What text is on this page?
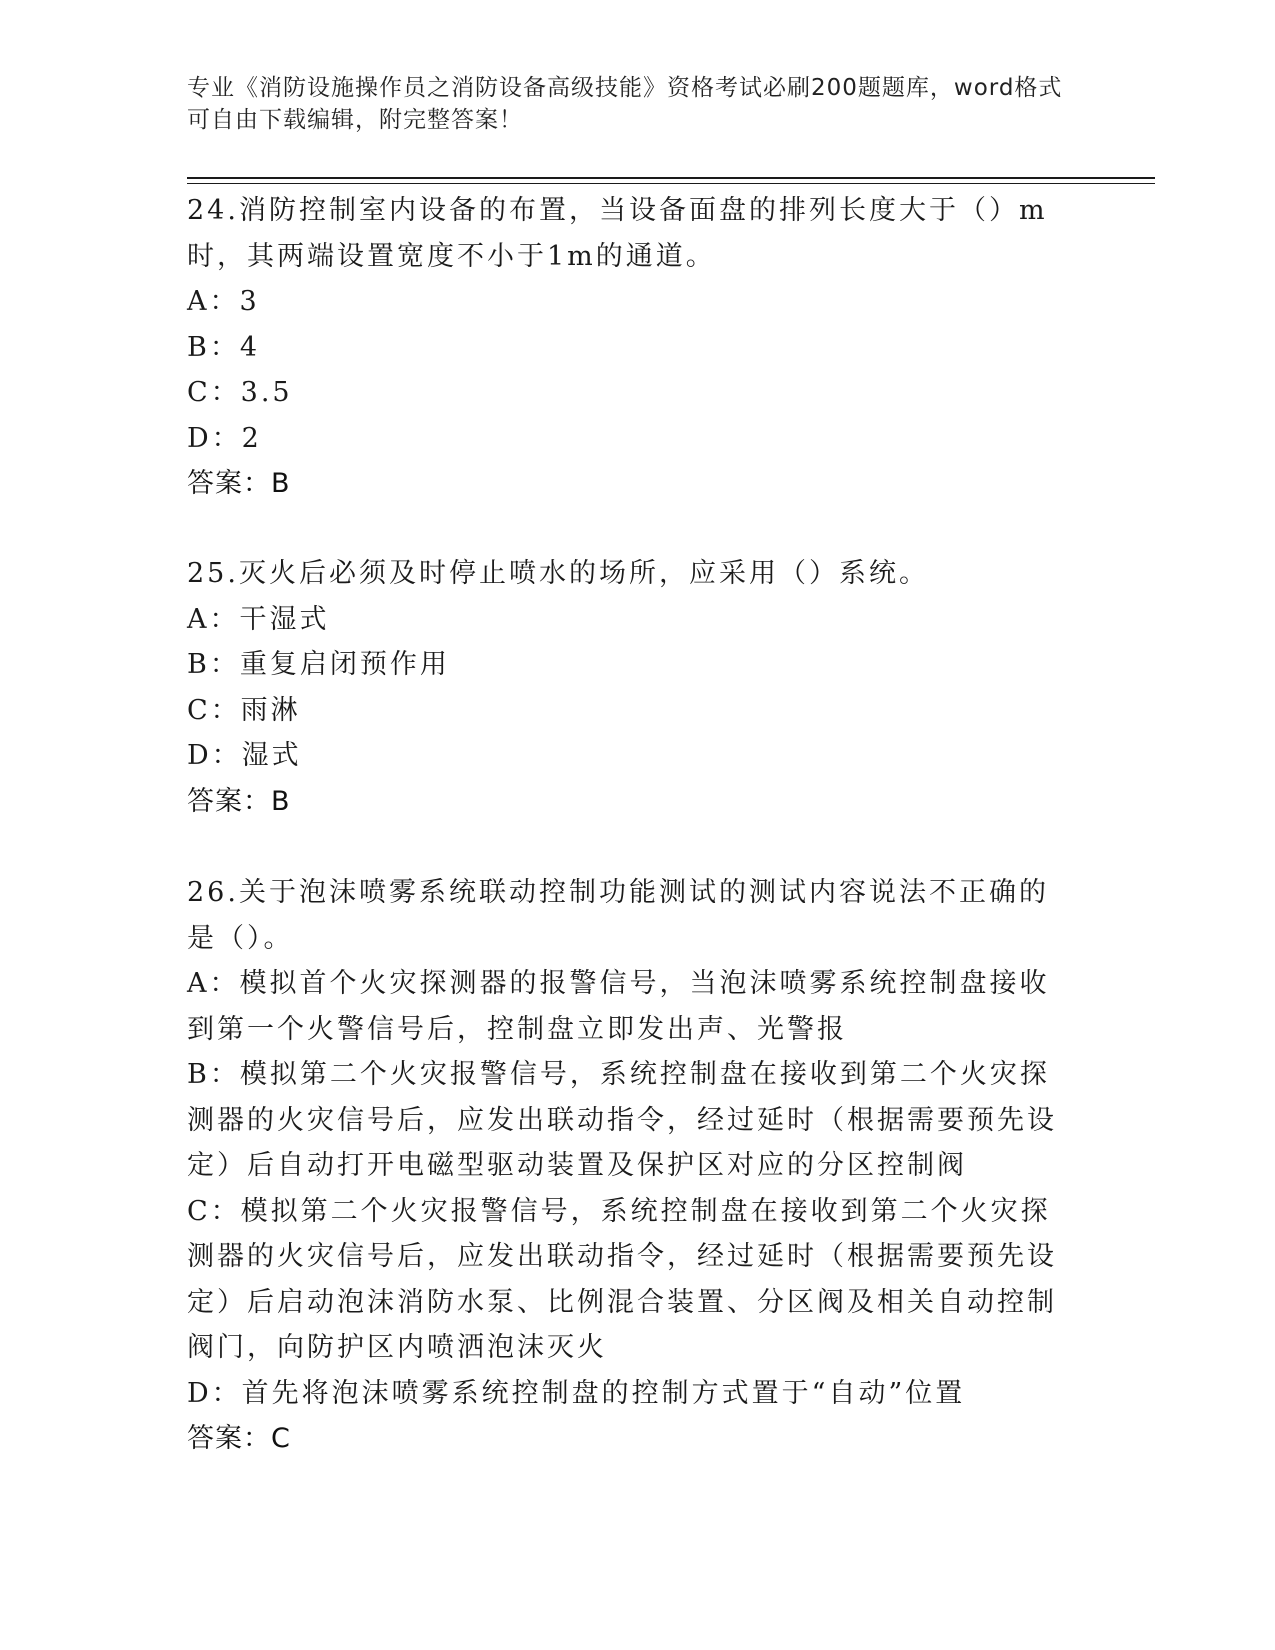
专业《消防设施操作员之消防设备高级技能》资格考试必刷200题题库，word格式可自由下载编辑，附完整答案！

24.消防控制室内设备的布置，当设备面盘的排列长度大于（）m时，其两端设置宽度不小于1m的通道。

A：3

B：4

C：3.5

D：2

答案：B

25.灭火后必须及时停止喷水的场所，应采用（）系统。

A：干湿式

B：重复启闭预作用

C：雨淋

D：湿式

答案：B

26.关于泡沫喷雾系统联动控制功能测试的测试内容说法不正确的是（）。

A：模拟首个火灾探测器的报警信号，当泡沫喷雾系统控制盘接收到第一个火警信号后，控制盘立即发出声、光警报

B：模拟第二个火灾报警信号，系统控制盘在接收到第二个火灾探测器的火灾信号后，应发出联动指令，经过延时（根据需要预先设定）后自动打开电磁型驱动装置及保护区对应的分区控制阀

C：模拟第二个火灾报警信号，系统控制盘在接收到第二个火灾探测器的火灾信号后，应发出联动指令，经过延时（根据需要预先设定）后启动泡沫消防水泵、比例混合装置、分区阀及相关自动控制阀门，向防护区内喷洒泡沫灭火

D：首先将泡沫喷雾系统控制盘的控制方式置于“自动”位置

答案：C
